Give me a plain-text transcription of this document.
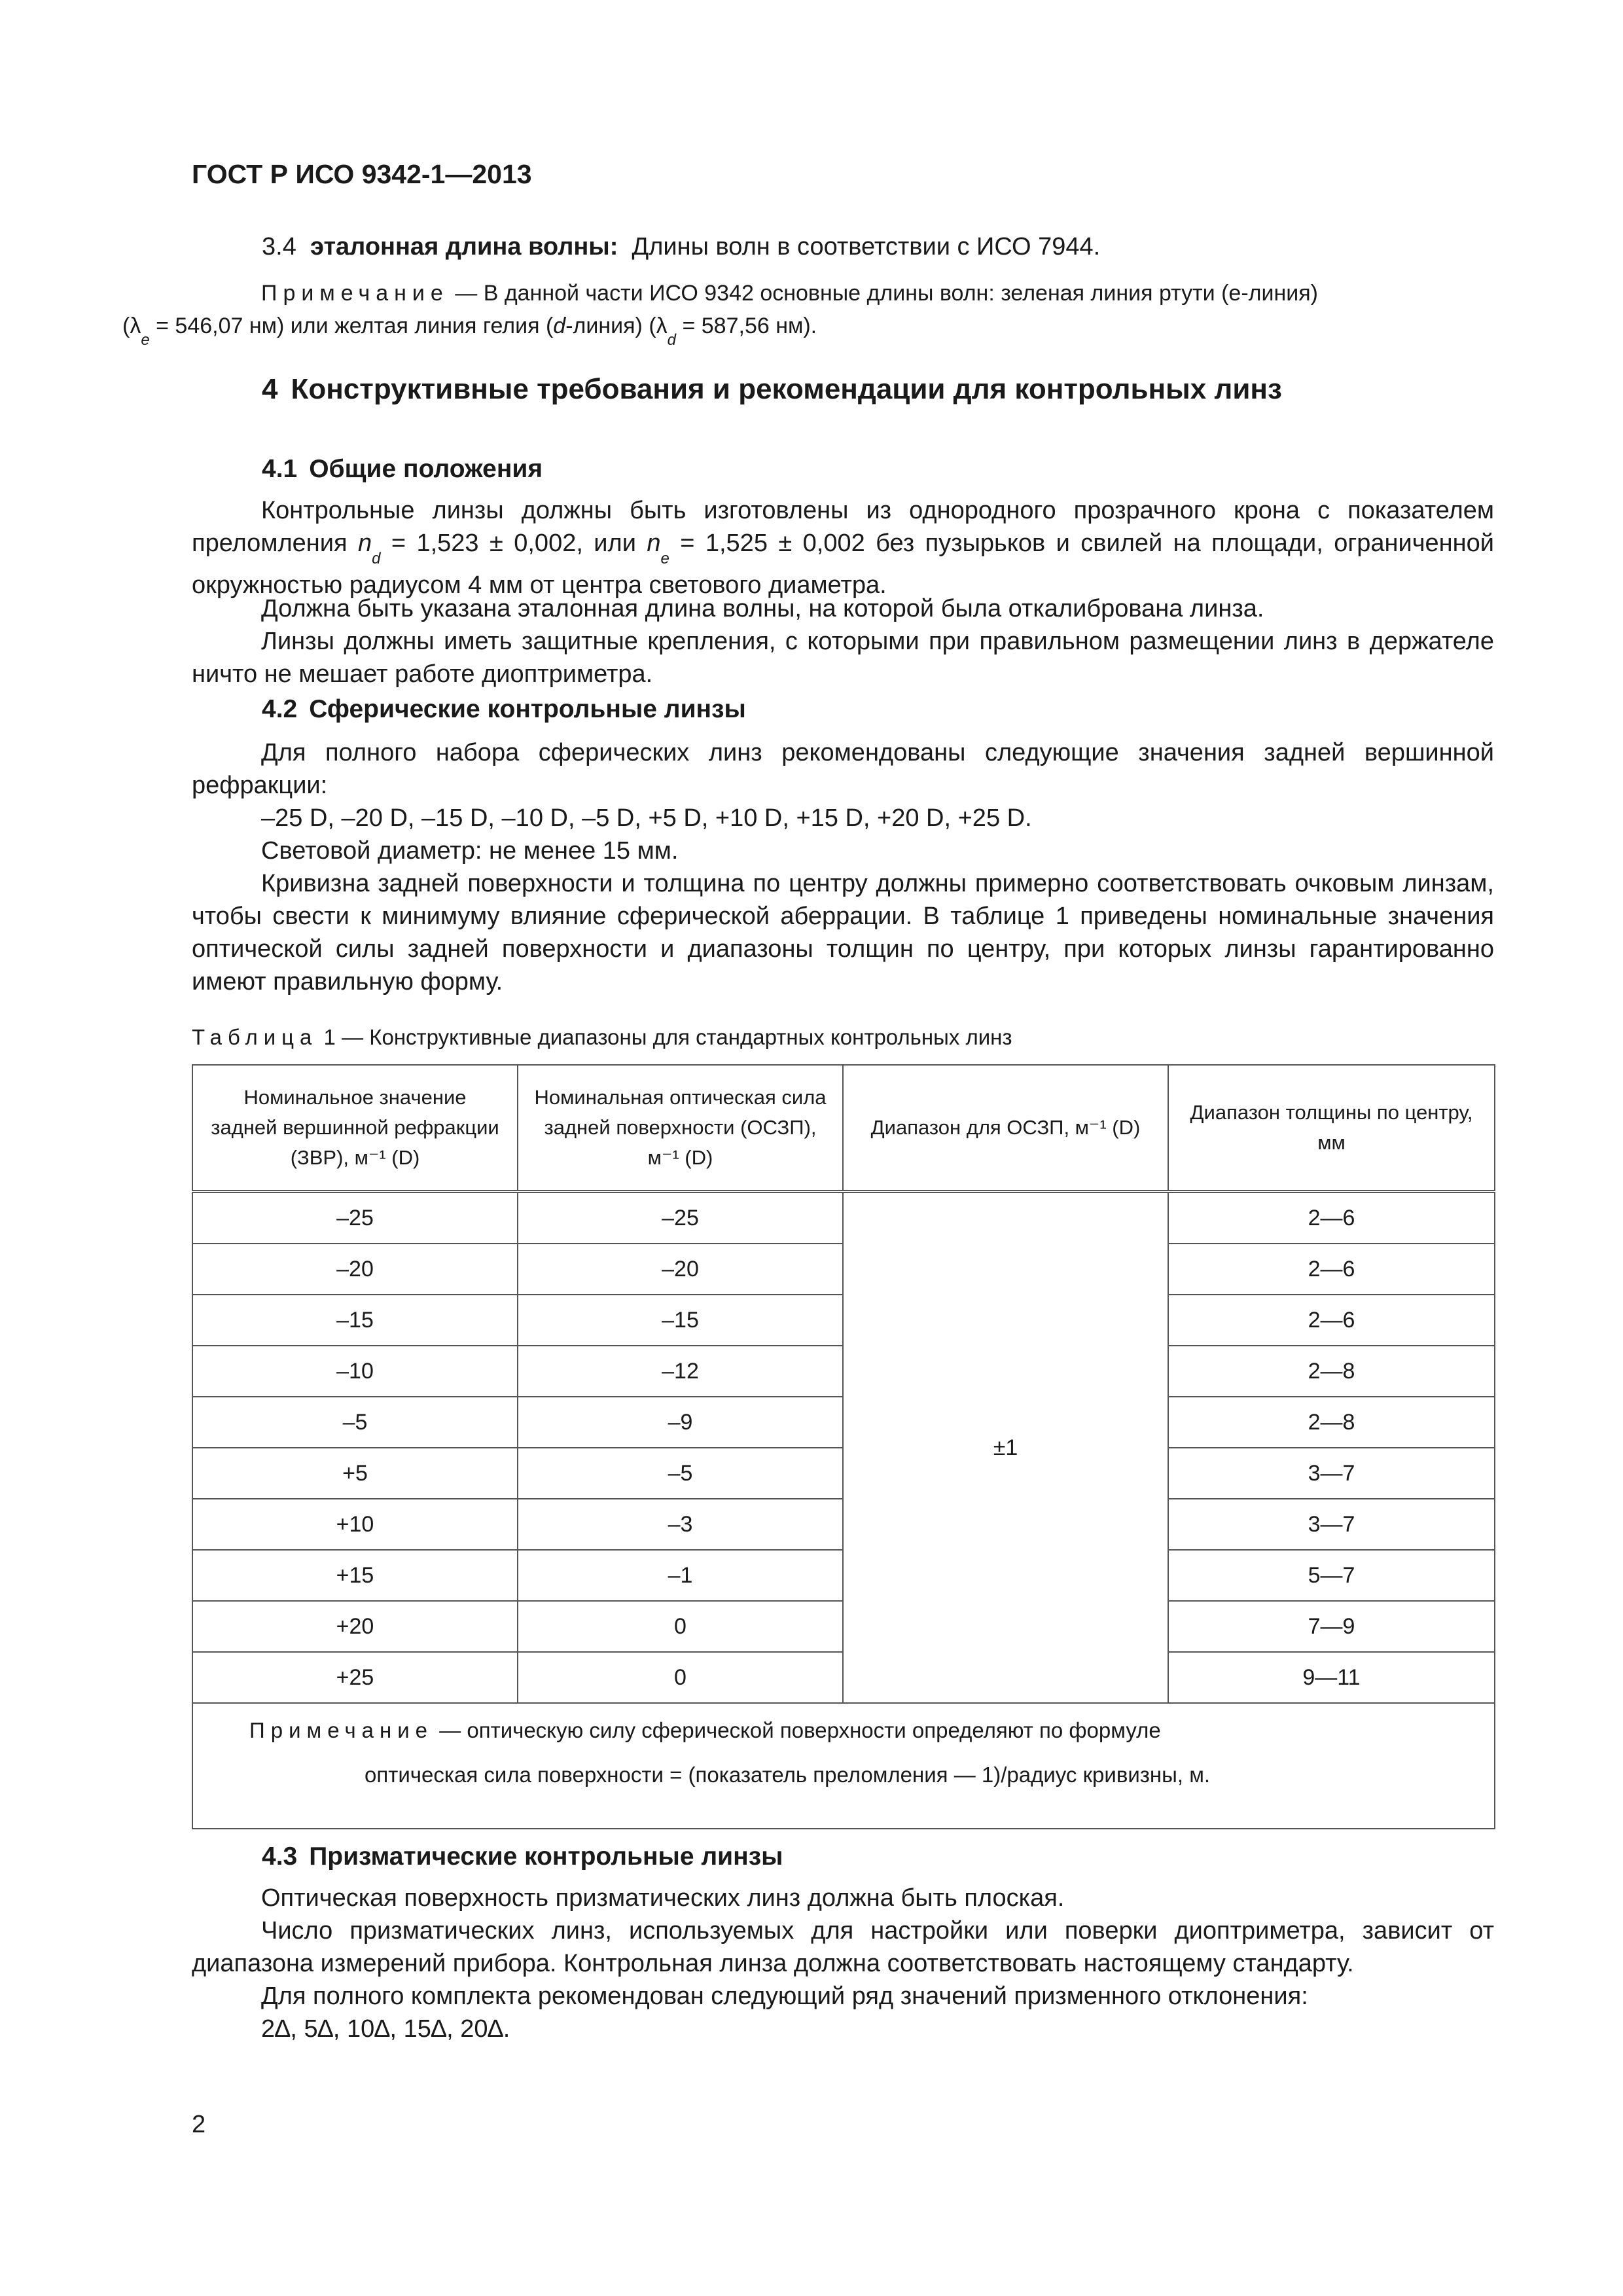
ГОСТ Р ИСО 9342-1—2013
3.4 эталонная длина волны: Длины волн в соответствии с ИСО 7944.
Примечание — В данной части ИСО 9342 основные длины волн: зеленая линия ртути (e-линия)
($\lambda_e = 546,07$ нм) или желтая линия гелия (d-линия) ($\lambda_d = 587,56$ нм).
4 Конструктивные требования и рекомендации для контрольных линз
4.1 Общие положения
Контрольные линзы должны быть изготовлены из однородного прозрачного крона с показателем преломления $n_d = 1,523 \pm 0,002$, или $n_e = 1,525 \pm 0,002$ без пузырьков и свилей на площади, ограниченной окружностью радиусом 4 мм от центра светового диаметра.
Должна быть указана эталонная длина волны, на которой была откалибрована линза.
Линзы должны иметь защитные крепления, с которыми при правильном размещении линз в держателе ничто не мешает работе диоптриметра.
4.2 Сферические контрольные линзы
Для полного набора сферических линз рекомендованы следующие значения задней вершинной рефракции:
–25 D, –20 D, –15 D, –10 D, –5 D, +5 D, +10 D, +15 D, +20 D, +25 D.
Световой диаметр: не менее 15 мм.
Кривизна задней поверхности и толщина по центру должны примерно соответствовать очковым линзам, чтобы свести к минимуму влияние сферической аберрации. В таблице 1 приведены номинальные значения оптической силы задней поверхности и диапазоны толщин по центру, при которых линзы гарантированно имеют правильную форму.
Таблица 1 — Конструктивные диапазоны для стандартных контрольных линз
Номинальное значение задней вершинной рефракции (ЗВР), м⁻¹ (D)	Номинальная оптическая сила задней поверхности (ОСЗП), м⁻¹ (D)	Диапазон для ОСЗП, м⁻¹ (D)	Диапазон толщины по центру, мм
–25	–25	±1	2—6
–20	–20		2—6
–15	–15		2—6
–10	–12		2—8
–5	–9		2—8
+5	–5		3—7
+10	–3		3—7
+15	–1		5—7
+20	0		7—9
+25	0		9—11

Примечание — оптическую силу сферической поверхности определяют по формуле
оптическая сила поверхности = (показатель преломления — 1)/радиус кривизны, м.			
4.3 Призматические контрольные линзы
Оптическая поверхность призматических линз должна быть плоская.
Число призматических линз, используемых для настройки или поверки диоптриметра, зависит от диапазона измерений прибора. Контрольная линза должна соответствовать настоящему стандарту.
Для полного комплекта рекомендован следующий ряд значений призменного отклонения:
2∆, 5∆, 10∆, 15∆, 20∆.
2
